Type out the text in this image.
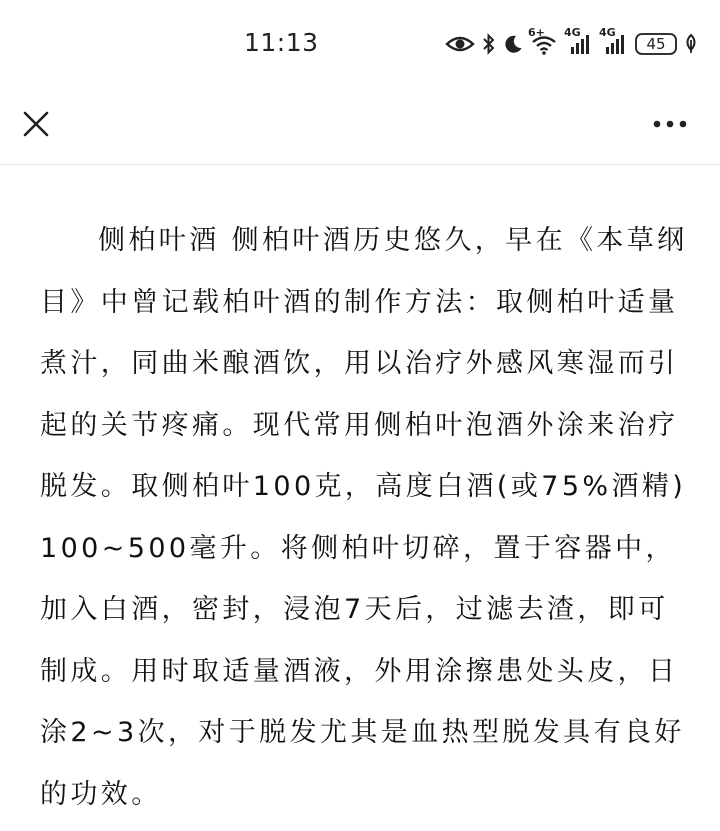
11:13	6+ 4G 4G
45

侧柏叶酒 侧柏叶酒历史悠久，早在《本草纲目》中曾记载柏叶酒的制作方法：取侧柏叶适量煮汁，同曲米酿酒饮，用以治疗外感风寒湿而引起的关节疼痛。现代常用侧柏叶泡酒外涂来治疗脱发。取侧柏叶100克，高度白酒(或75%酒精)100~500毫升。将侧柏叶切碎，置于容器中，加入白酒，密封，浸泡7天后，过滤去渣，即可制成。用时取适量酒液，外用涂擦患处头皮，日涂2~3次，对于脱发尤其是血热型脱发具有良好的功效。
